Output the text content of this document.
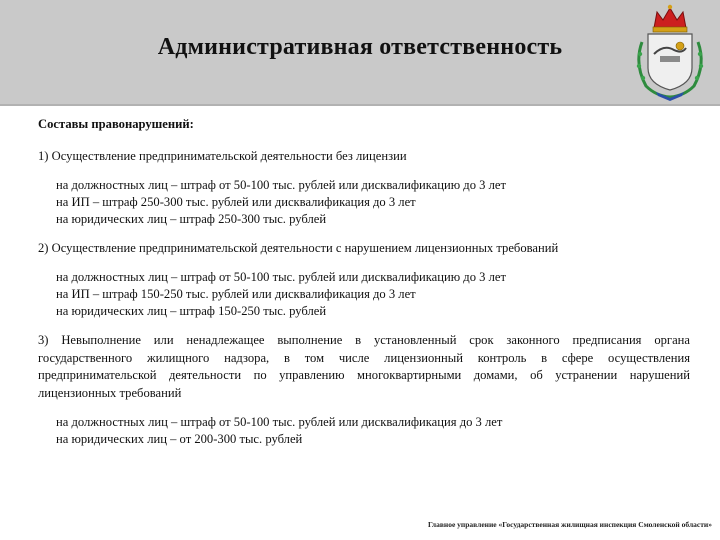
Административная ответственность

Составы правонарушений:

1) Осуществление предпринимательской деятельности без лицензии

на должностных лиц – штраф от 50-100 тыс. рублей или дисквалификацию до 3 лет
на ИП – штраф 250-300 тыс. рублей или дисквалификация до 3 лет
на юридических лиц – штраф 250-300 тыс. рублей

2) Осуществление предпринимательской деятельности с нарушением лицензионных требований

на должностных лиц – штраф от 50-100 тыс. рублей или дисквалификацию до 3 лет
на ИП – штраф 150-250 тыс. рублей или дисквалификация до 3 лет
на юридических лиц – штраф 150-250 тыс. рублей

3) Невыполнение или ненадлежащее выполнение в установленный срок законного предписания органа государственного жилищного надзора, в том числе лицензионный контроль в сфере осуществления предпринимательской деятельности по управлению многоквартирными домами, об устранении нарушений лицензионных требований

на должностных лиц – штраф от 50-100 тыс. рублей или дисквалификация до 3 лет
на юридических лиц – от 200-300 тыс. рублей
Главное управление «Государственная жилищная инспекция Смоленской области»
